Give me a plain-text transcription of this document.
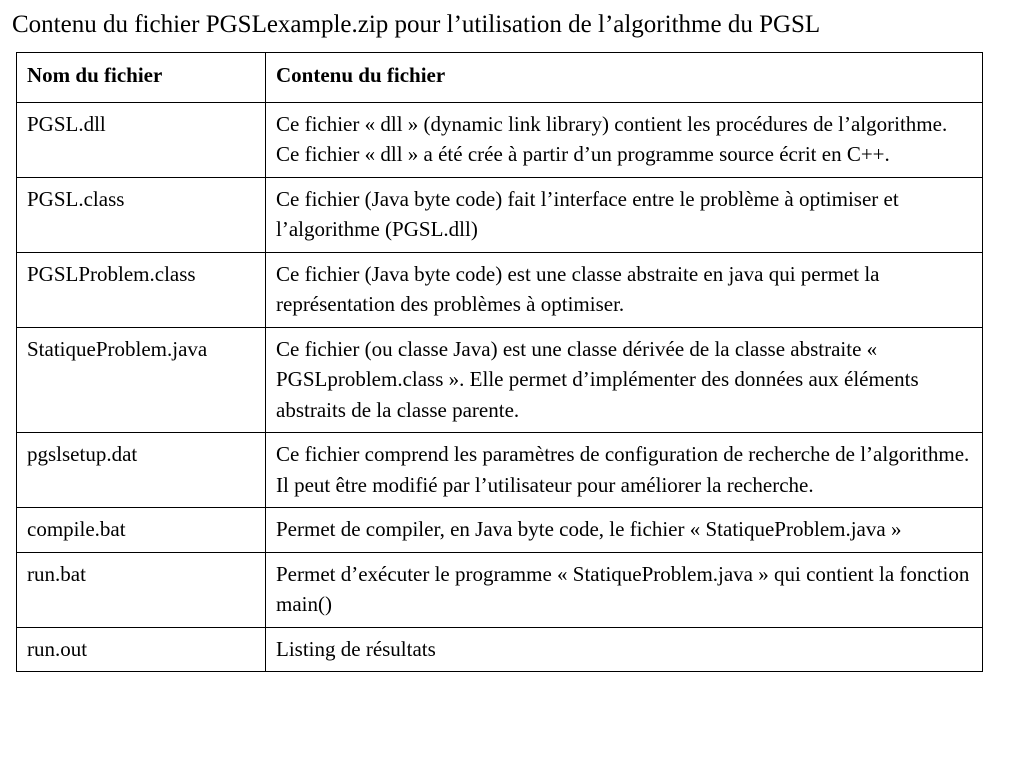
Contenu du fichier PGSLexample.zip pour l’utilisation de l’algorithme du PGSL
Nom du fichier	Contenu du fichier
PGSL.dll	Ce fichier « dll » (dynamic link library) contient les procédures de l’algorithme. Ce fichier « dll » a été crée à partir d’un programme source écrit en C++.
PGSL.class	Ce fichier (Java byte code) fait l’interface entre le problème à optimiser et l’algorithme (PGSL.dll)
PGSLProblem.class	Ce fichier (Java byte code) est une classe abstraite en java qui permet la représentation des problèmes à optimiser.
StatiqueProblem.java	Ce fichier (ou classe Java) est une classe dérivée de la classe abstraite « PGSLproblem.class ». Elle permet d’implémenter des données aux éléments abstraits de la classe parente.
pgslsetup.dat	Ce fichier comprend les paramètres de configuration de recherche de l’algorithme. Il peut être modifié par l’utilisateur pour améliorer la recherche.
compile.bat	Permet de compiler, en Java byte code, le fichier « StatiqueProblem.java »
run.bat	Permet d’exécuter le programme « StatiqueProblem.java » qui contient la fonction main()
run.out	Listing de résultats
